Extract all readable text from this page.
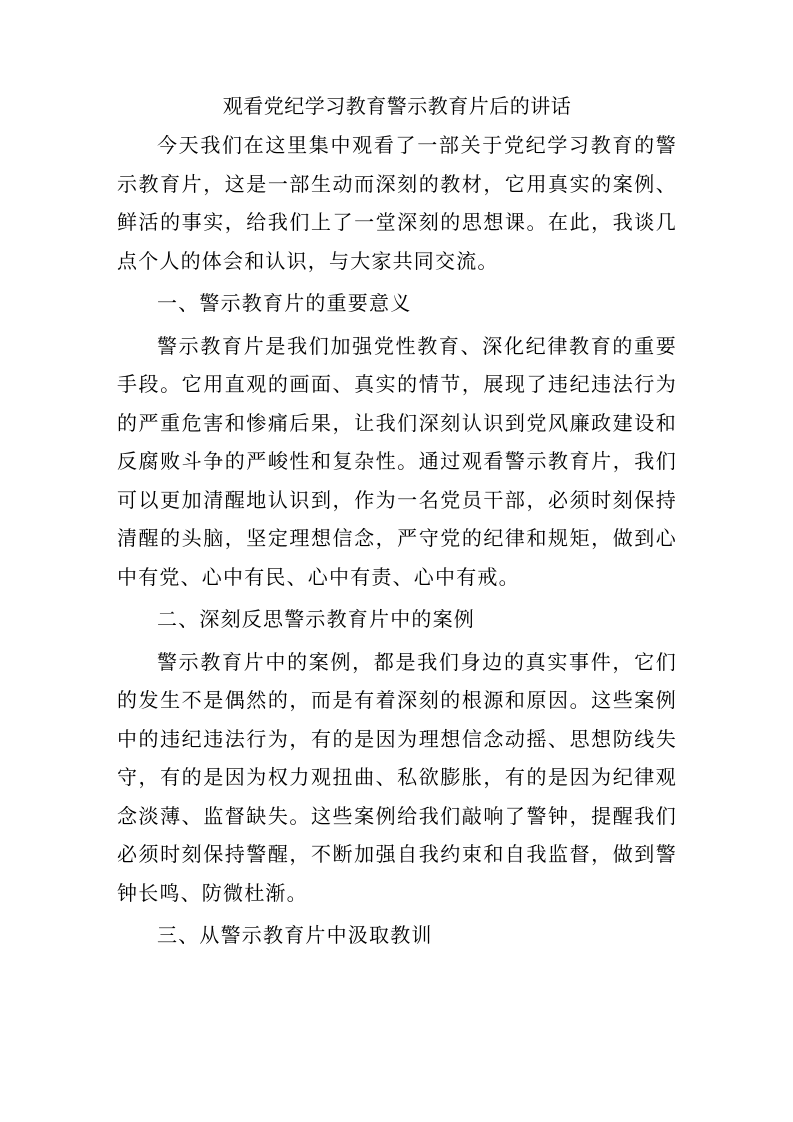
观看党纪学习教育警示教育片后的讲话

今天我们在这里集中观看了一部关于党纪学习教育的警示教育片，这是一部生动而深刻的教材，它用真实的案例、鲜活的事实，给我们上了一堂深刻的思想课。在此，我谈几点个人的体会和认识，与大家共同交流。

一、警示教育片的重要意义

警示教育片是我们加强党性教育、深化纪律教育的重要手段。它用直观的画面、真实的情节，展现了违纪违法行为的严重危害和惨痛后果，让我们深刻认识到党风廉政建设和反腐败斗争的严峻性和复杂性。通过观看警示教育片，我们可以更加清醒地认识到，作为一名党员干部，必须时刻保持清醒的头脑，坚定理想信念，严守党的纪律和规矩，做到心中有党、心中有民、心中有责、心中有戒。

二、深刻反思警示教育片中的案例

警示教育片中的案例，都是我们身边的真实事件，它们的发生不是偶然的，而是有着深刻的根源和原因。这些案例中的违纪违法行为，有的是因为理想信念动摇、思想防线失守，有的是因为权力观扭曲、私欲膨胀，有的是因为纪律观念淡薄、监督缺失。这些案例给我们敲响了警钟，提醒我们必须时刻保持警醒，不断加强自我约束和自我监督，做到警钟长鸣、防微杜渐。

三、从警示教育片中汲取教训
